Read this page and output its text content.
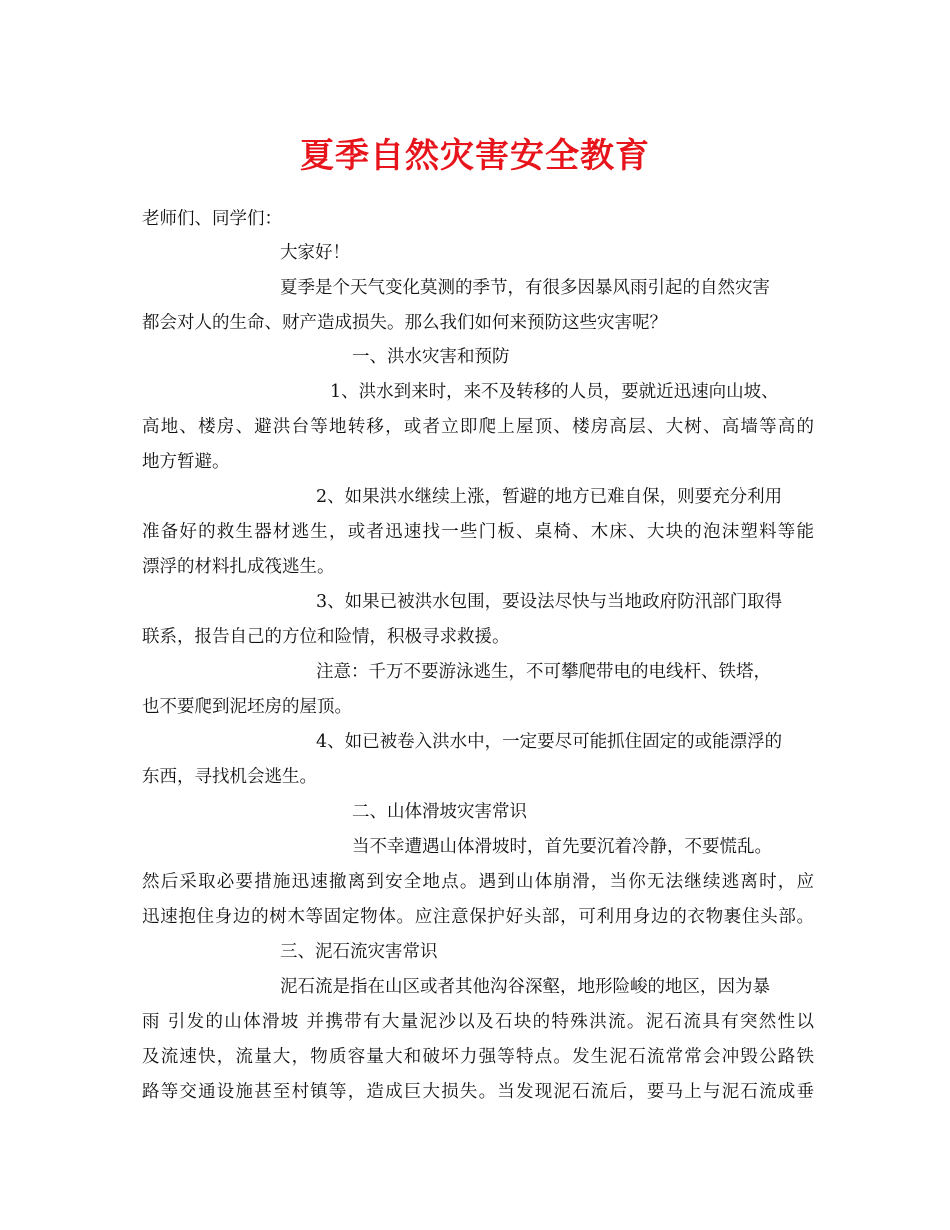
夏季自然灾害安全教育
老师们、同学们：
大家好！
夏季是个天气变化莫测的季节，有很多因暴风雨引起的自然灾害
都会对人的生命、财产造成损失。那么我们如何来预防这些灾害呢？
一、洪水灾害和预防
1、洪水到来时，来不及转移的人员，要就近迅速向山坡、
高地、楼房、避洪台等地转移，或者立即爬上屋顶、楼房高层、大树、高墙等高的
地方暂避。
2、如果洪水继续上涨，暂避的地方已难自保，则要充分利用
准备好的救生器材逃生，或者迅速找一些门板、桌椅、木床、大块的泡沫塑料等能
漂浮的材料扎成筏逃生。
3、如果已被洪水包围，要设法尽快与当地政府防汛部门取得
联系，报告自己的方位和险情，积极寻求救援。
注意：千万不要游泳逃生，不可攀爬带电的电线杆、铁塔，
也不要爬到泥坯房的屋顶。
4、如已被卷入洪水中，一定要尽可能抓住固定的或能漂浮的
东西，寻找机会逃生。
二、山体滑坡灾害常识
当不幸遭遇山体滑坡时，首先要沉着冷静，不要慌乱。
然后采取必要措施迅速撤离到安全地点。遇到山体崩滑，当你无法继续逃离时，应
迅速抱住身边的树木等固定物体。应注意保护好头部，可利用身边的衣物裹住头部。
三、泥石流灾害常识
泥石流是指在山区或者其他沟谷深壑，地形险峻的地区，因为暴
雨 引发的山体滑坡 并携带有大量泥沙以及石块的特殊洪流。泥石流具有突然性以
及流速快，流量大，物质容量大和破坏力强等特点。发生泥石流常常会冲毁公路铁
路等交通设施甚至村镇等，造成巨大损失。当发现泥石流后，要马上与泥石流成垂
